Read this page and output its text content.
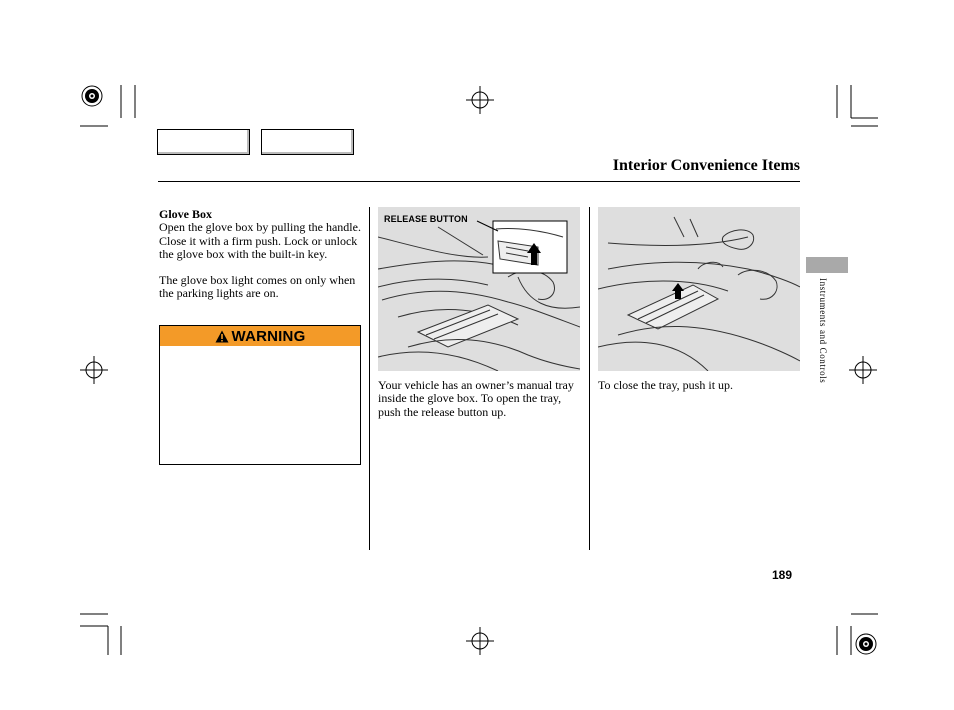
Interior Convenience Items
Glove Box
Open the glove box by pulling the handle. Close it with a firm push. Lock or unlock the glove box with the built-in key.
The glove box light comes on only when the parking lights are on.
WARNING
RELEASE BUTTON
Your vehicle has an owner’s manual tray inside the glove box. To open the tray, push the release button up.
To close the tray, push it up.
Instruments and Controls
189
